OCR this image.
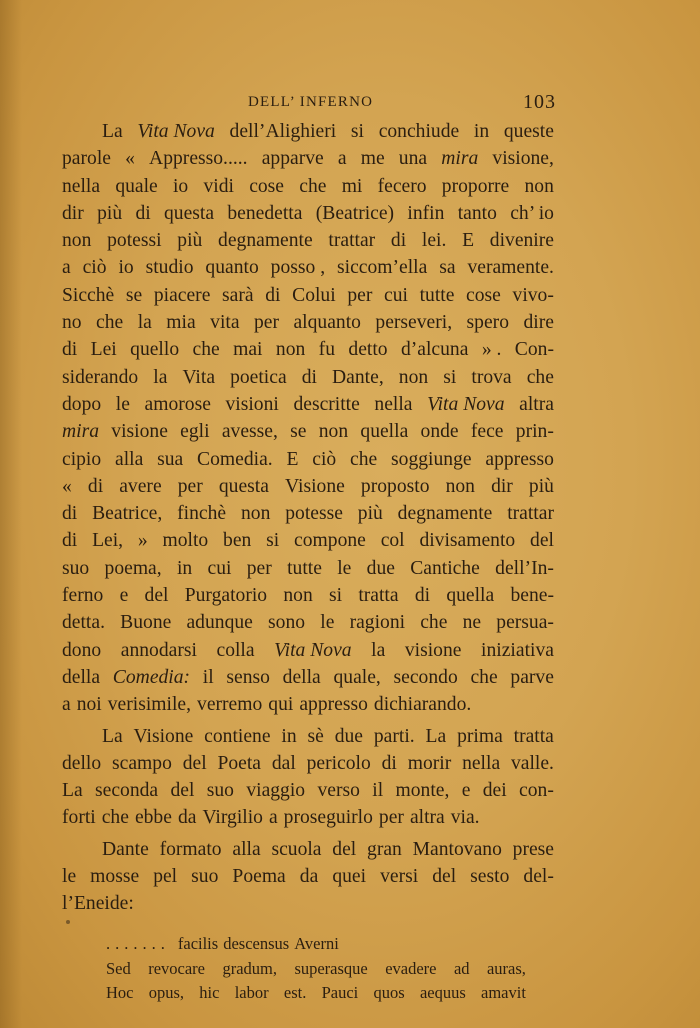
DELL’ INFERNO	103
La Vita Nova dell’Alighieri si conchiude in queste
parole « Appresso..... apparve a me una mira visione,
nella quale io vidi cose che mi fecero proporre non
dir più di questa benedetta (Beatrice) infin tanto ch’ io
non potessi più degnamente trattar di lei. E divenire
a ciò io studio quanto posso , siccom’ella sa veramente.
Sicchè se piacere sarà di Colui per cui tutte cose vivo-
no che la mia vita per alquanto perseveri, spero dire
di Lei quello che mai non fu detto d’alcuna » . Con-
siderando la Vita poetica di Dante, non si trova che
dopo le amorose visioni descritte nella Vita Nova altra
mira visione egli avesse, se non quella onde fece prin-
cipio alla sua Comedia. E ciò che soggiunge appresso
« di avere per questa Visione proposto non dir più
di Beatrice, finchè non potesse più degnamente trattar
di Lei, » molto ben si compone col divisamento del
suo poema, in cui per tutte le due Cantiche dell’In-
ferno e del Purgatorio non si tratta di quella bene-
detta. Buone adunque sono le ragioni che ne persua-
dono annodarsi colla Vita Nova la visione iniziativa
della Comedia: il senso della quale, secondo che parve
a noi verisimile, verremo qui appresso dichiarando.
La Visione contiene in sè due parti. La prima tratta
dello scampo del Poeta dal pericolo di morir nella valle.
La seconda del suo viaggio verso il monte, e dei con-
forti che ebbe da Virgilio a proseguirlo per altra via.
Dante formato alla scuola del gran Mantovano prese
le mosse pel suo Poema da quei versi del sesto del-
l’Eneide:
....... facilis descensus Averni
Sed revocare gradum, superasque evadere ad auras,
Hoc opus, hic labor est. Pauci quos aequus amavit
